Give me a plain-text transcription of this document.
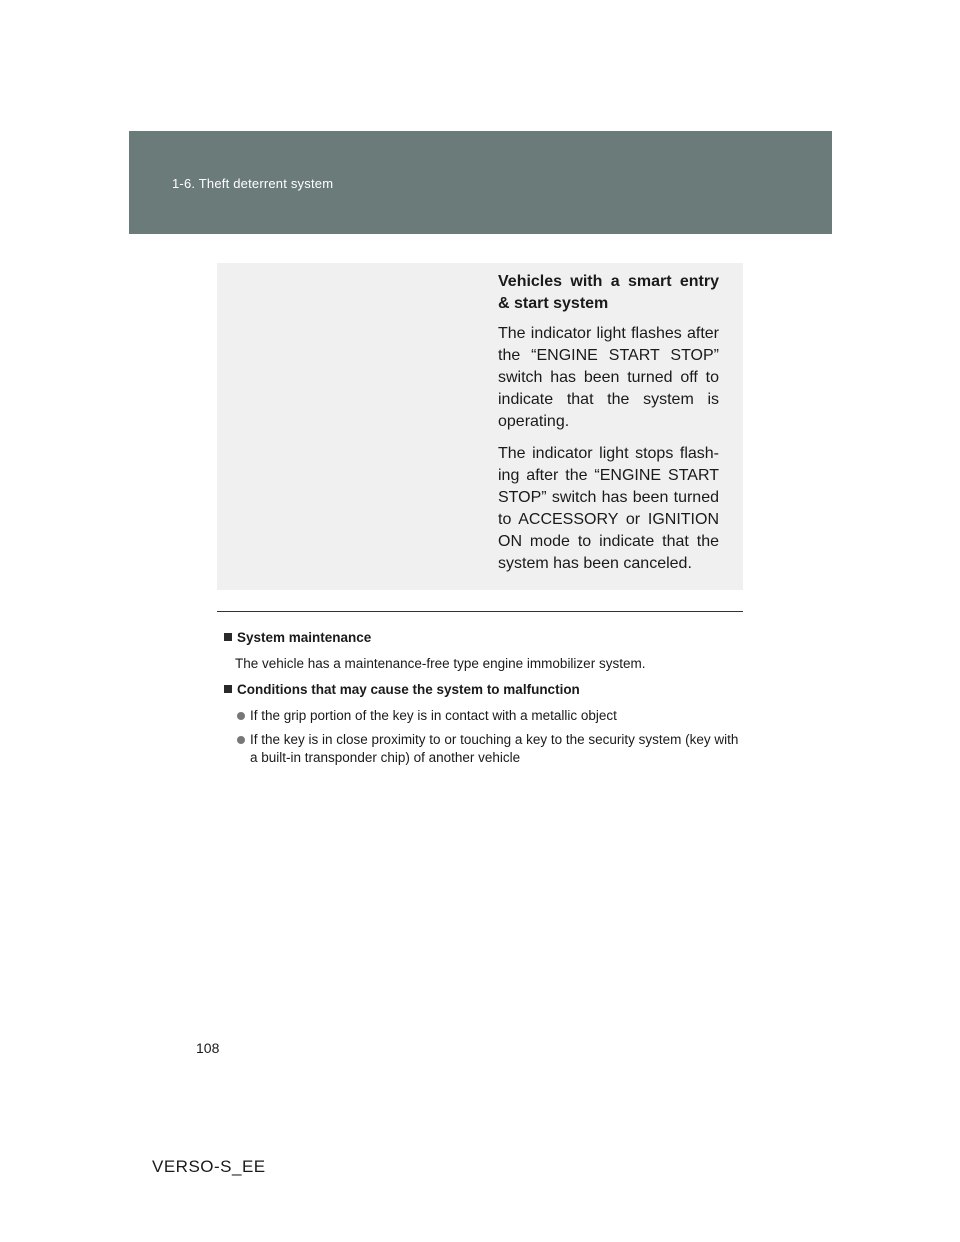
1-6. Theft deterrent system

Vehicles with a smart entry & start system

The indicator light flashes after the “ENGINE START STOP” switch has been turned off to indicate that the system is operating.

The indicator light stops flash-ing after the “ENGINE START STOP” switch has been turned to ACCESSORY or IGNITION ON mode to indicate that the system has been canceled.

System maintenance
The vehicle has a maintenance-free type engine immobilizer system.
Conditions that may cause the system to malfunction
If the grip portion of the key is in contact with a metallic object
If the key is in close proximity to or touching a key to the security system (key with a built-in transponder chip) of another vehicle
108
VERSO-S_EE
